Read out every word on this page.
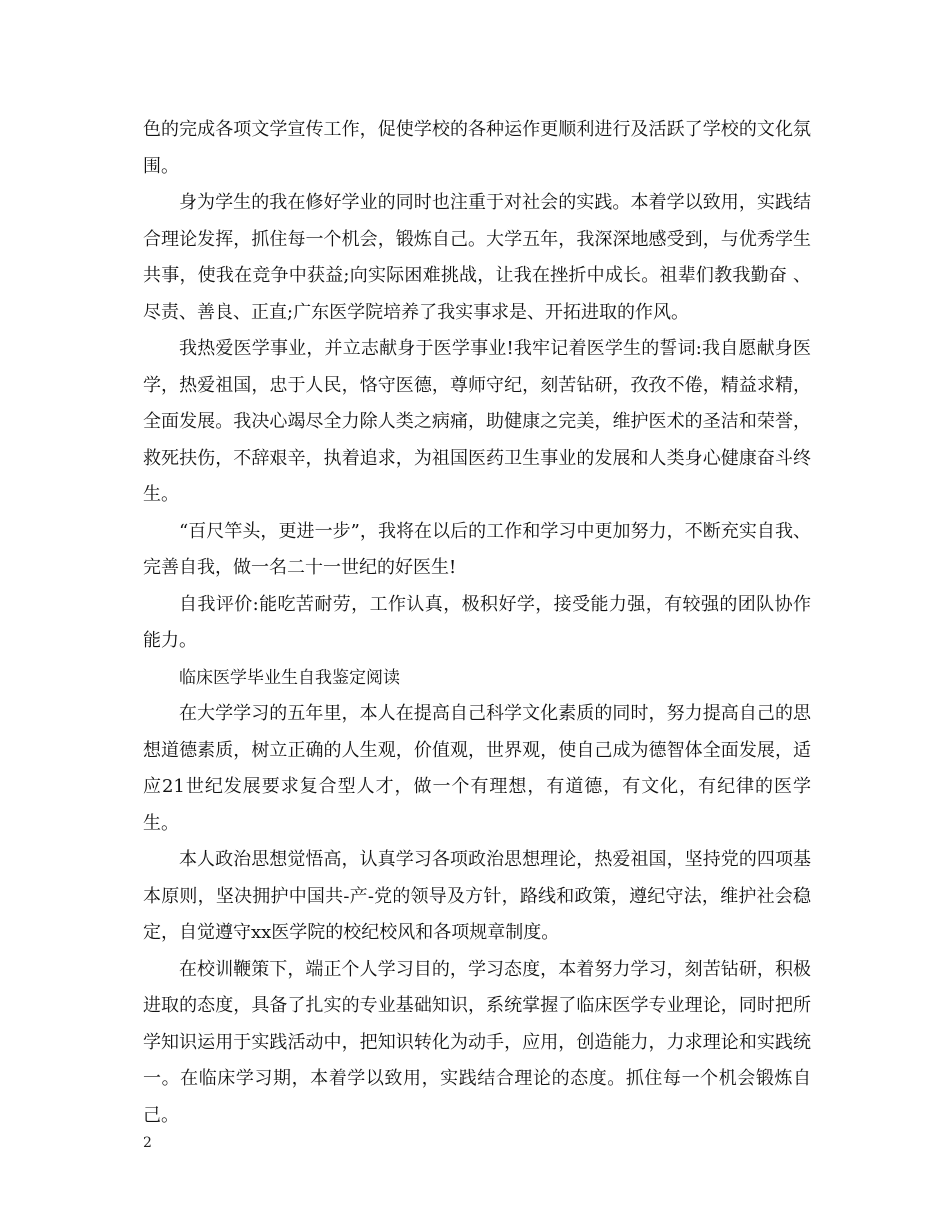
色的完成各项文学宣传工作，促使学校的各种运作更顺利进行及活跃了学校的文化氛围。

身为学生的我在修好学业的同时也注重于对社会的实践。本着学以致用，实践结合理论发挥，抓住每一个机会，锻炼自己。大学五年，我深深地感受到，与优秀学生共事，使我在竞争中获益;向实际困难挑战，让我在挫折中成长。祖辈们教我勤奋 、尽责、善良、正直;广东医学院培养了我实事求是、开拓进取的作风。

我热爱医学事业，并立志献身于医学事业!我牢记着医学生的誓词:我自愿献身医学，热爱祖国，忠于人民，恪守医德，尊师守纪，刻苦钻研，孜孜不倦，精益求精，全面发展。我决心竭尽全力除人类之病痛，助健康之完美，维护医术的圣洁和荣誉，救死扶伤，不辞艰辛，执着追求，为祖国医药卫生事业的发展和人类身心健康奋斗终生。

“百尺竿头，更进一步”，我将在以后的工作和学习中更加努力，不断充实自我、完善自我，做一名二十一世纪的好医生!

自我评价:能吃苦耐劳，工作认真，极积好学，接受能力强，有较强的团队协作能力。

临床医学毕业生自我鉴定阅读

在大学学习的五年里，本人在提高自己科学文化素质的同时，努力提高自己的思想道德素质，树立正确的人生观，价值观，世界观，使自己成为德智体全面发展，适应21世纪发展要求复合型人才，做一个有理想，有道德，有文化，有纪律的医学生。

本人政治思想觉悟高，认真学习各项政治思想理论，热爱祖国，坚持党的四项基本原则，坚决拥护中国共-产-党的领导及方针，路线和政策，遵纪守法，维护社会稳定，自觉遵守xx医学院的校纪校风和各项规章制度。

在校训鞭策下，端正个人学习目的，学习态度，本着努力学习，刻苦钻研，积极进取的态度，具备了扎实的专业基础知识，系统掌握了临床医学专业理论，同时把所学知识运用于实践活动中，把知识转化为动手，应用，创造能力，力求理论和实践统一。在临床学习期，本着学以致用，实践结合理论的态度。抓住每一个机会锻炼自己。

2
